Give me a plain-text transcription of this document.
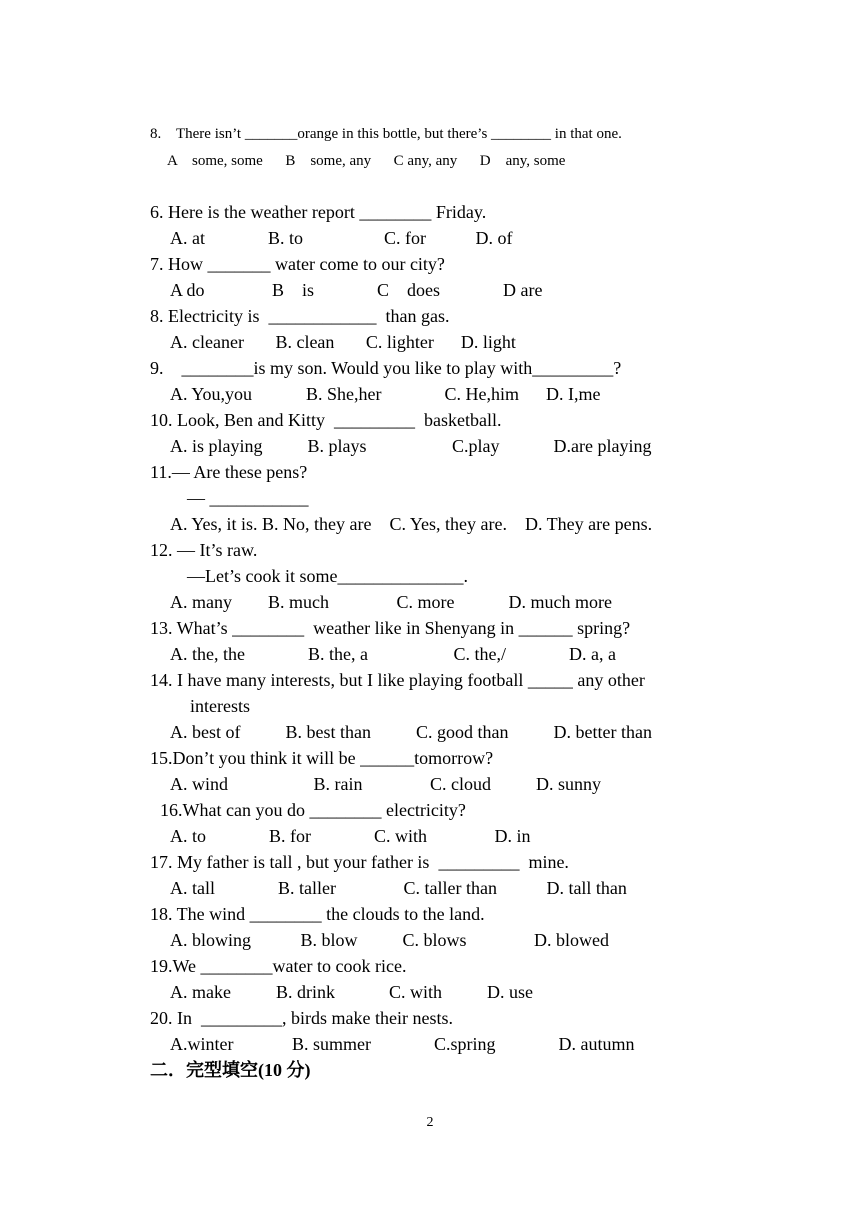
8.    There isn’t _______orange in this bottle, but there’s ________ in that one.
A    some, some      B    some, any      C any, any      D    any, some
6. Here is the weather report ________ Friday.
A. at              B. to                  C. for           D. of
7. How _______ water come to our city?
A do               B    is              C    does              D are
8. Electricity is  ____________  than gas.
A. cleaner       B. clean       C. lighter      D. light
9.    ________is my son. Would you like to play with_________?
A. You,you            B. She,her              C. He,him      D. I,me
10. Look, Ben and Kitty  _________  basketball.
A. is playing          B. plays                   C.play            D.are playing
11.— Are these pens?
— ___________
A. Yes, it is. B. No, they are    C. Yes, they are.    D. They are pens.
12. — It’s raw.
—Let’s cook it some______________.
A. many        B. much               C. more            D. much more
13. What’s ________  weather like in Shenyang in ______ spring?
A. the, the              B. the, a                   C. the,/              D. a, a
14. I have many interests, but I like playing football _____ any other
interests
A. best of          B. best than          C. good than          D. better than
15.Don’t you think it will be ______tomorrow?
A. wind                   B. rain               C. cloud          D. sunny
16.What can you do ________ electricity?
A. to              B. for              C. with               D. in
17. My father is tall , but your father is  _________  mine.
A. tall              B. taller               C. taller than           D. tall than
18. The wind ________ the clouds to the land.
A. blowing           B. blow          C. blows               D. blowed
19.We ________water to cook rice.
A. make          B. drink            C. with          D. use
20. In  _________, birds make their nests.
A.winter             B. summer              C.spring              D. autumn
二．完型填空(10 分)
2
